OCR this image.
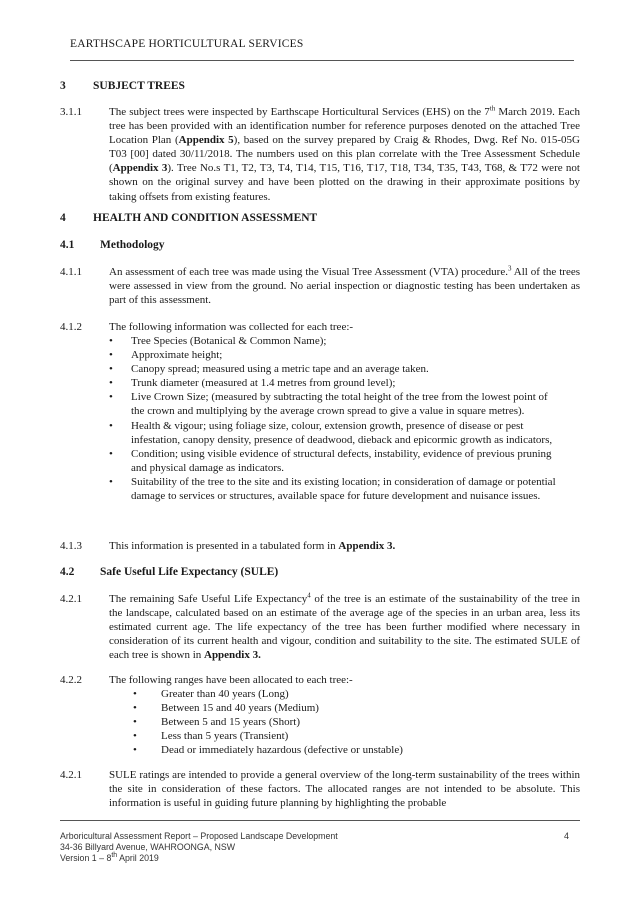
EARTHSCAPE HORTICULTURAL SERVICES
3	SUBJECT TREES
3.1.1	The subject trees were inspected by Earthscape Horticultural Services (EHS) on the 7th March 2019. Each tree has been provided with an identification number for reference purposes denoted on the attached Tree Location Plan (Appendix 5), based on the survey prepared by Craig & Rhodes, Dwg. Ref No. 015-05G T03 [00] dated 30/11/2018. The numbers used on this plan correlate with the Tree Assessment Schedule (Appendix 3). Tree No.s T1, T2, T3, T4, T14, T15, T16, T17, T18, T34, T35, T43, T68, & T72 were not shown on the original survey and have been plotted on the drawing in their approximate positions by taking offsets from existing features.
4	HEALTH AND CONDITION ASSESSMENT
4.1	Methodology
4.1.1	An assessment of each tree was made using the Visual Tree Assessment (VTA) procedure.$^3$ All of the trees were assessed in view from the ground. No aerial inspection or diagnostic testing has been undertaken as part of this assessment.
4.1.2	The following information was collected for each tree:-
• Tree Species (Botanical & Common Name);
• Approximate height;
• Canopy spread; measured using a metric tape and an average taken.
• Trunk diameter (measured at 1.4 metres from ground level);
• Live Crown Size; (measured by subtracting the total height of the tree from the lowest point of the crown and multiplying by the average crown spread to give a value in square metres).
• Health & vigour; using foliage size, colour, extension growth, presence of disease or pest infestation, canopy density, presence of deadwood, dieback and epicormic growth as indicators,
• Condition; using visible evidence of structural defects, instability, evidence of previous pruning and physical damage as indicators.
• Suitability of the tree to the site and its existing location; in consideration of damage or potential damage to services or structures, available space for future development and nuisance issues.
4.1.3	This information is presented in a tabulated form in Appendix 3.
4.2	Safe Useful Life Expectancy (SULE)
4.2.1	The remaining Safe Useful Life Expectancy$^4$ of the tree is an estimate of the sustainability of the tree in the landscape, calculated based on an estimate of the average age of the species in an urban area, less its estimated current age. The life expectancy of the tree has been further modified where necessary in consideration of its current health and vigour, condition and suitability to the site. The estimated SULE of each tree is shown in Appendix 3.
4.2.2	The following ranges have been allocated to each tree:-
• Greater than 40 years (Long)
• Between 15 and 40 years (Medium)
• Between 5 and 15 years (Short)
• Less than 5 years (Transient)
• Dead or immediately hazardous (defective or unstable)
4.2.1	SULE ratings are intended to provide a general overview of the long-term sustainability of the trees within the site in consideration of these factors. The allocated ranges are not intended to be absolute. This information is useful in guiding future planning by highlighting the probable
Arboricultural Assessment Report – Proposed Landscape Development
34-36 Billyard Avenue, WAHROONGA, NSW
Version 1 – 8th April 2019
4
